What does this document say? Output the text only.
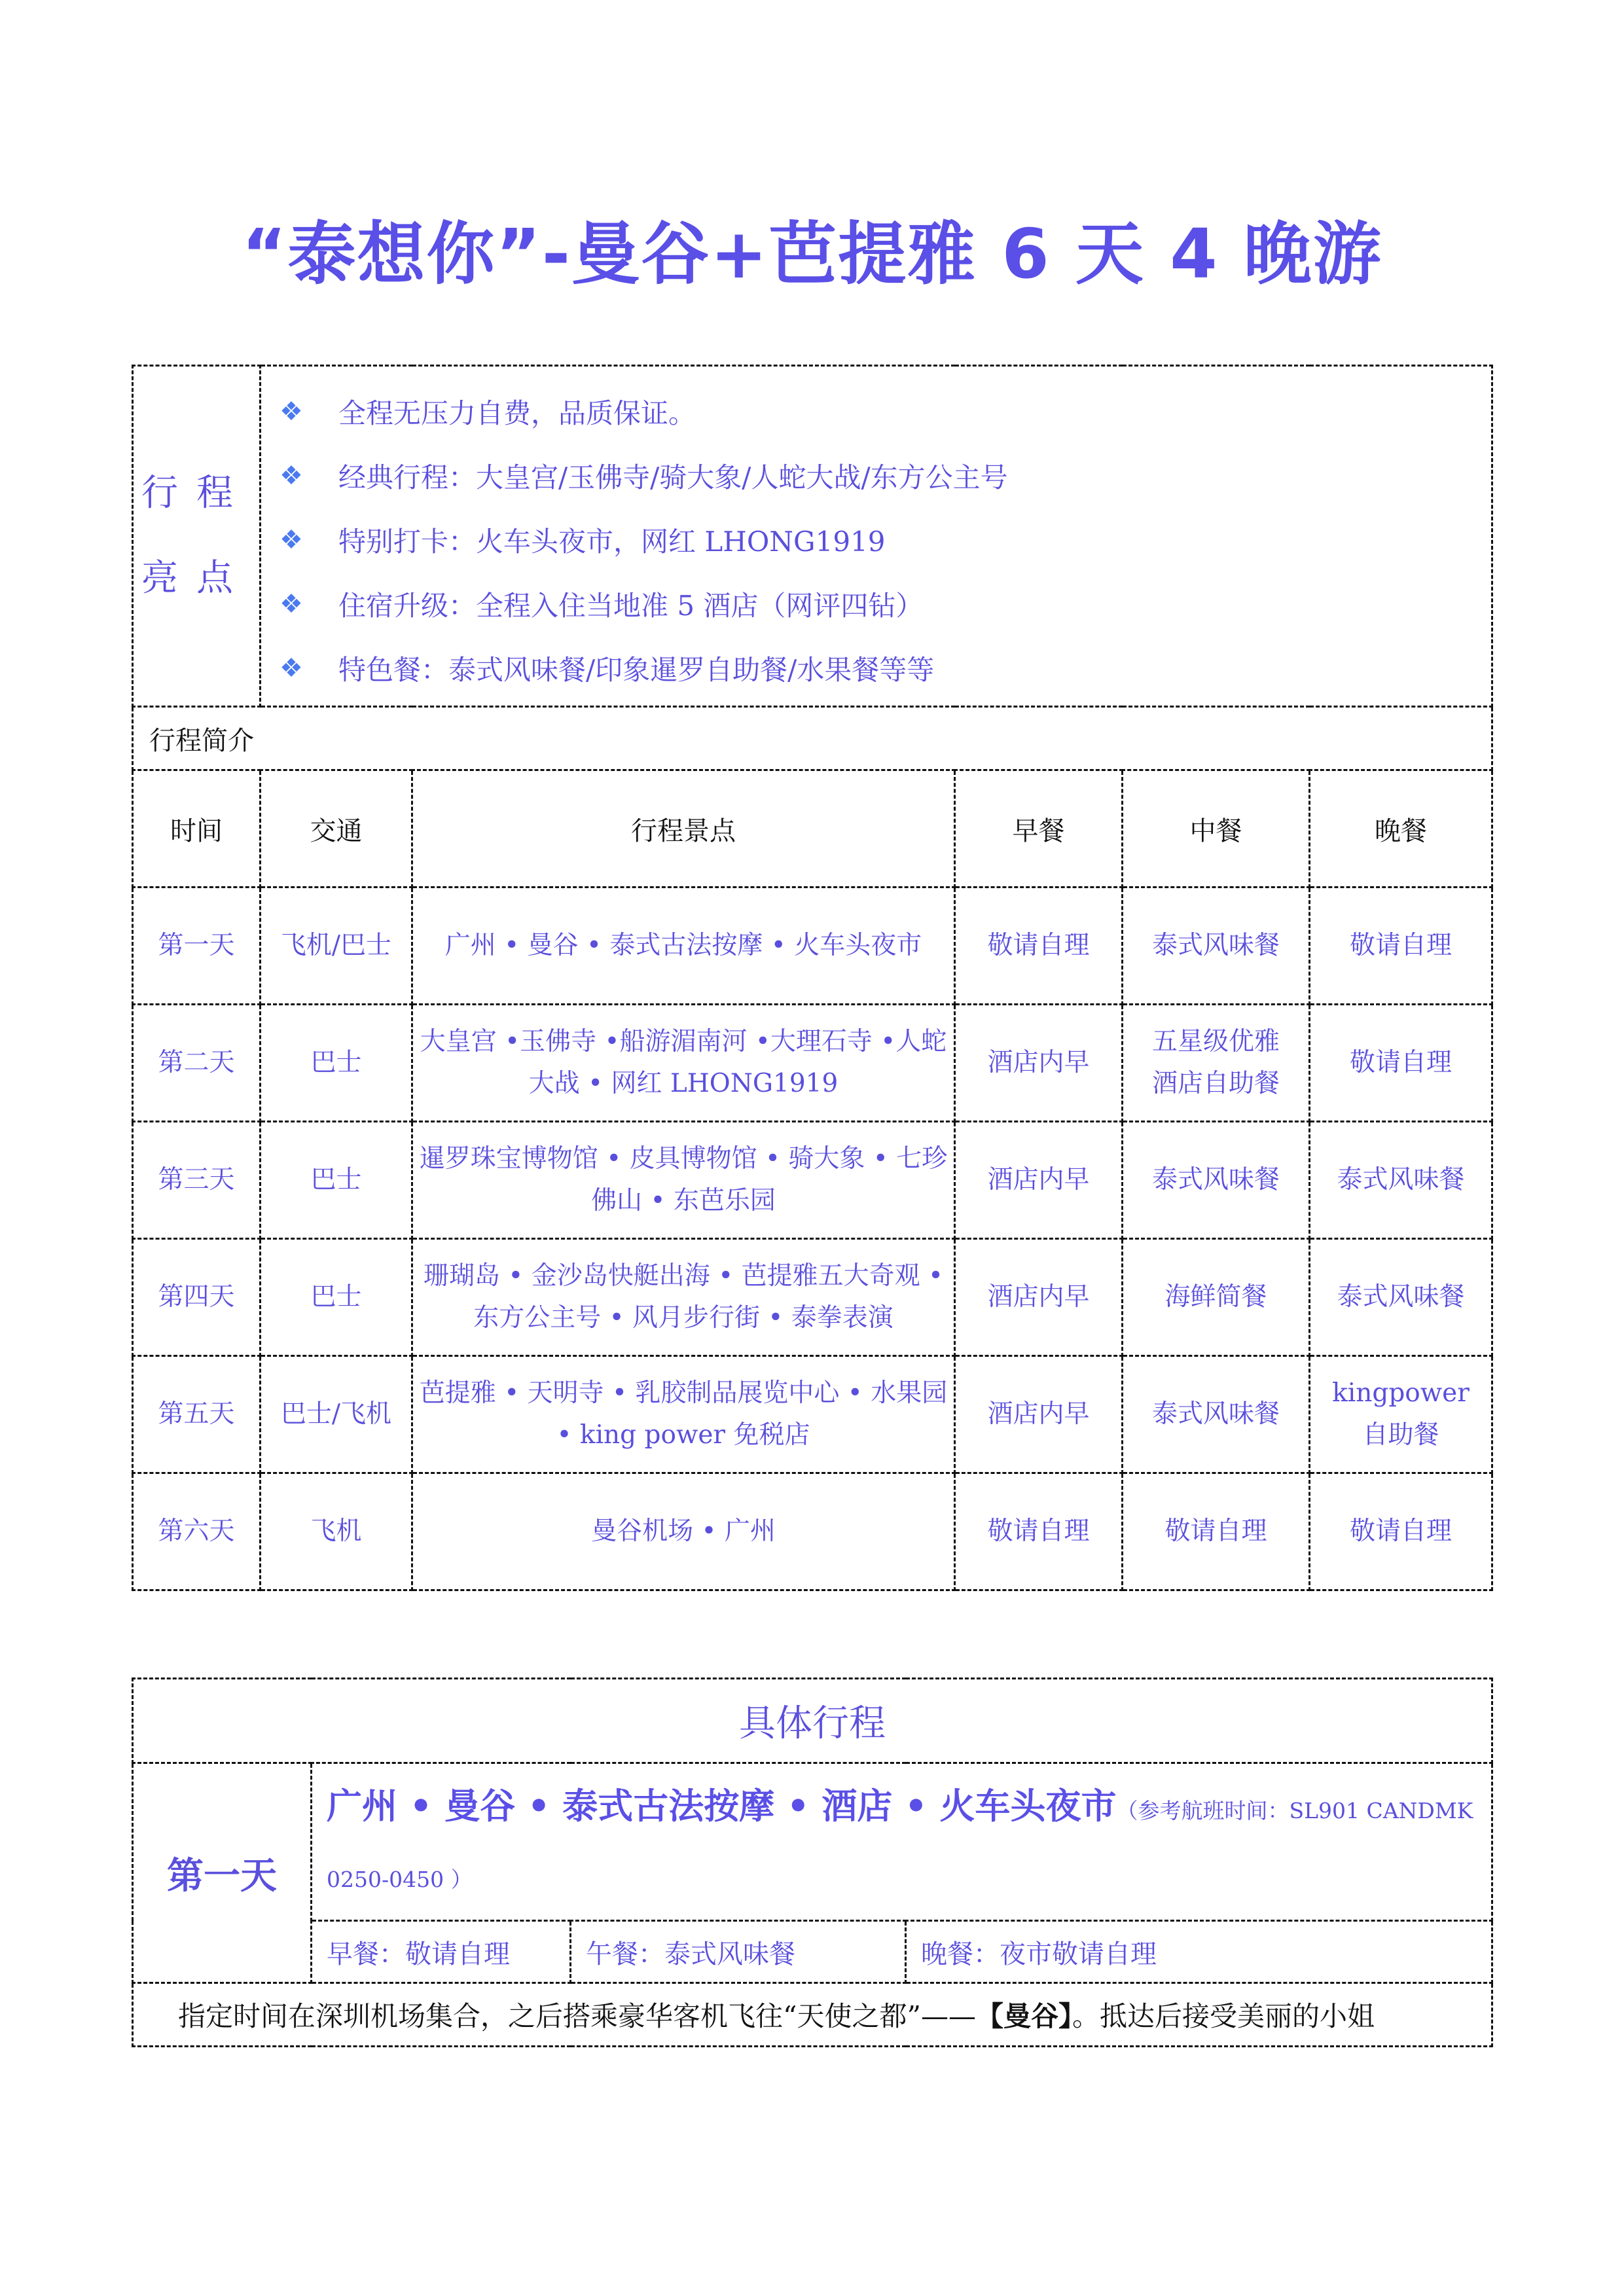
“泰想你”-曼谷+芭提雅 6 天 4 晚游
行程
亮点

❖	全程无压力自费，品质保证。
❖	经典行程：大皇宫/玉佛寺/骑大象/人蛇大战/东方公主号
❖	特别打卡：火车头夜市，网红 LHONG1919
❖	住宿升级：全程入住当地准 5 酒店（网评四钻）
❖	特色餐：泰式风味餐/印象暹罗自助餐/水果餐等等

行程简介					
时间	交通	行程景点	早餐	中餐	晚餐
第一天	飞机/巴士	广州 • 曼谷 • 泰式古法按摩 • 火车头夜市	敬请自理	泰式风味餐	敬请自理
第二天	巴士	大皇宫 •玉佛寺 •船游湄南河 •大理石寺 •人蛇大战 • 网红 LHONG1919	酒店内早	五星级优雅酒店自助餐	敬请自理
第三天	巴士	暹罗珠宝博物馆 • 皮具博物馆 • 骑大象 • 七珍佛山 • 东芭乐园	酒店内早	泰式风味餐	泰式风味餐
第四天	巴士	珊瑚岛 • 金沙岛快艇出海 • 芭提雅五大奇观 • 东方公主号 • 风月步行街 • 泰拳表演	酒店内早	海鲜简餐	泰式风味餐
第五天	巴士/飞机	芭提雅 • 天明寺 • 乳胶制品展览中心 • 水果园 • king power 免税店	酒店内早	泰式风味餐	kingpower 自助餐
第六天	飞机	曼谷机场 • 广州	敬请自理	敬请自理	敬请自理
具体行程			
第一天	广州 • 曼谷 • 泰式古法按摩 • 酒店 • 火车头夜市（参考航班时间：SL901 CANDMK
0250-0450 ）		

	早餐：敬请自理	午餐：泰式风味餐	晚餐：夜市敬请自理
指定时间在深圳机场集合，之后搭乘豪华客机飞往“天使之都”——【曼谷】。抵达后接受美丽的小姐			
